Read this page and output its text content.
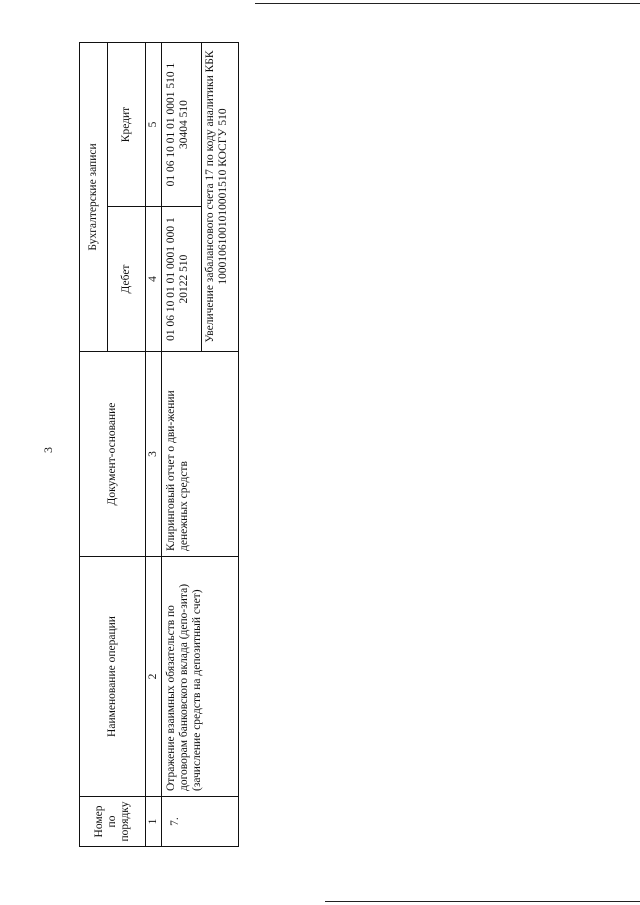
3
Номер по порядку
Наименование операции
Документ-основание
Бухгалтерские записи
Дебет
Кредит
1
2
3
4
5
7.
Отражение взаимных обязательств по договорам банковского вклада (депо-зита) (зачисление средств на депозитный счет)
Клиринговый отчет о дви-жении денежных средств
01 06 10 01 01 0001 000 1 20122 510
01 06 10 01 01 0001 510 1 30404 510	Увеличение забалансового счета 17 по коду аналитики КБК 10001061001010001510 КОСГУ 510
